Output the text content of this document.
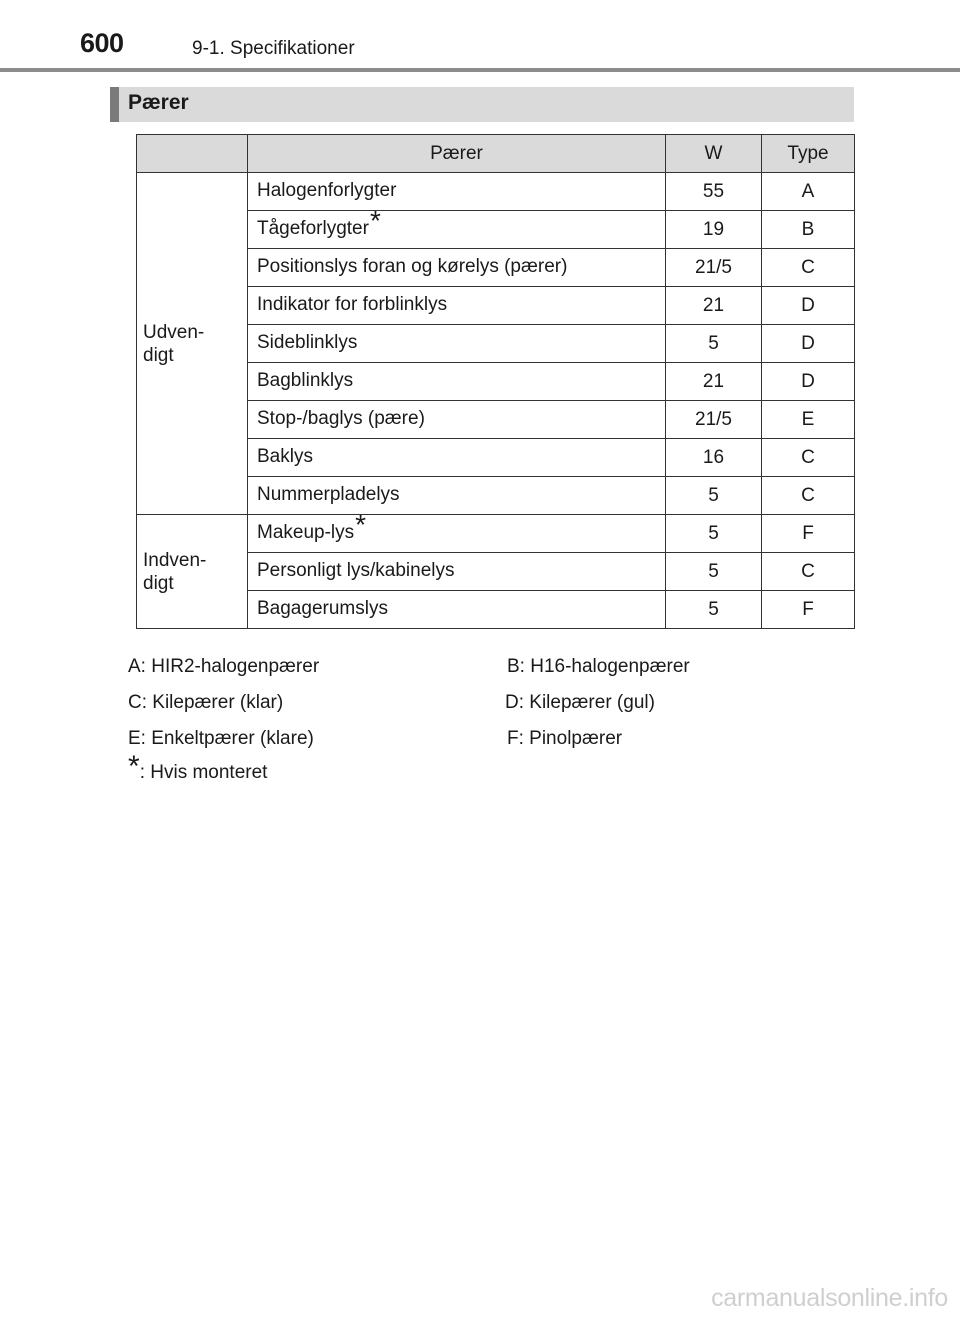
600	9-1. Specifikationer
Pærer
	Pærer	W	Type
Udven-
digt	Halogenforlygter	55	A
	Tågeforlygter*	19	B
	Positionslys foran og kørelys (pærer)	21/5	C
	Indikator for forblinklys	21	D
	Sideblinklys	5	D
	Bagblinklys	21	D
	Stop-/baglys (pære)	21/5	E
	Baklys	16	C
	Nummerpladelys	5	C
Indven-
digt	Makeup-lys*	5	F
	Personligt lys/kabinelys	5	C
	Bagagerumslys	5	F
A: HIR2-halogenpærer	B: H16-halogenpærer
C: Kilepærer (klar)	D: Kilepærer (gul)
E: Enkeltpærer (klare)	F: Pinolpærer
*: Hvis monteret
carmanualsonline.info
